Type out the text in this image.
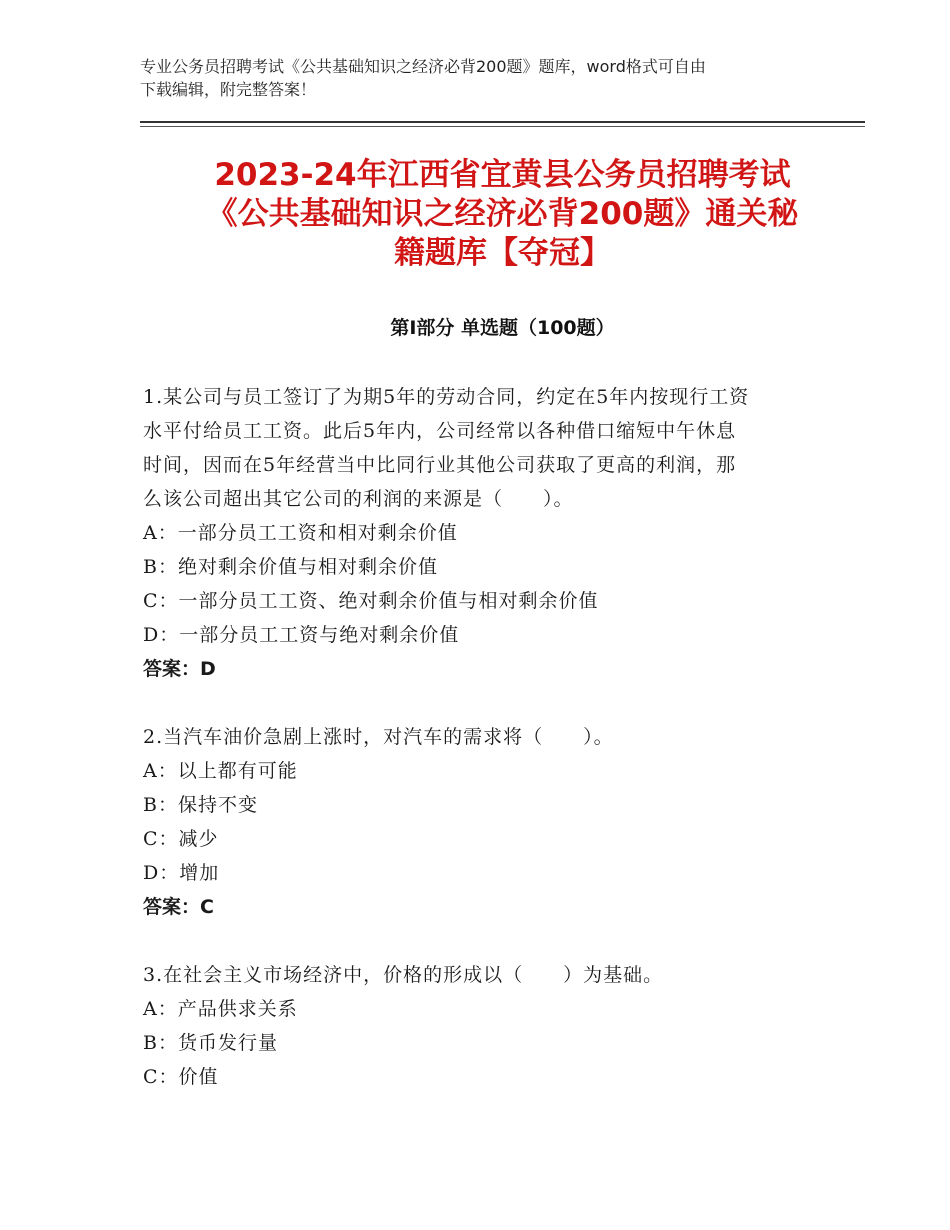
专业公务员招聘考试《公共基础知识之经济必背200题》题库，word格式可自由
下载编辑，附完整答案！
2023-24年江西省宜黄县公务员招聘考试
《公共基础知识之经济必背200题》通关秘
籍题库【夺冠】
第I部分 单选题（100题）
1.某公司与员工签订了为期5年的劳动合同，约定在5年内按现行工资
水平付给员工工资。此后5年内，公司经常以各种借口缩短中午休息
时间，因而在5年经营当中比同行业其他公司获取了更高的利润，那
么该公司超出其它公司的利润的来源是（　　）。
A：一部分员工工资和相对剩余价值
B：绝对剩余价值与相对剩余价值
C：一部分员工工资、绝对剩余价值与相对剩余价值
D：一部分员工工资与绝对剩余价值
答案：D
2.当汽车油价急剧上涨时，对汽车的需求将（　　）。
A：以上都有可能
B：保持不变
C：减少
D：增加
答案：C
3.在社会主义市场经济中，价格的形成以（　　）为基础。
A：产品供求关系
B：货币发行量
C：价值
